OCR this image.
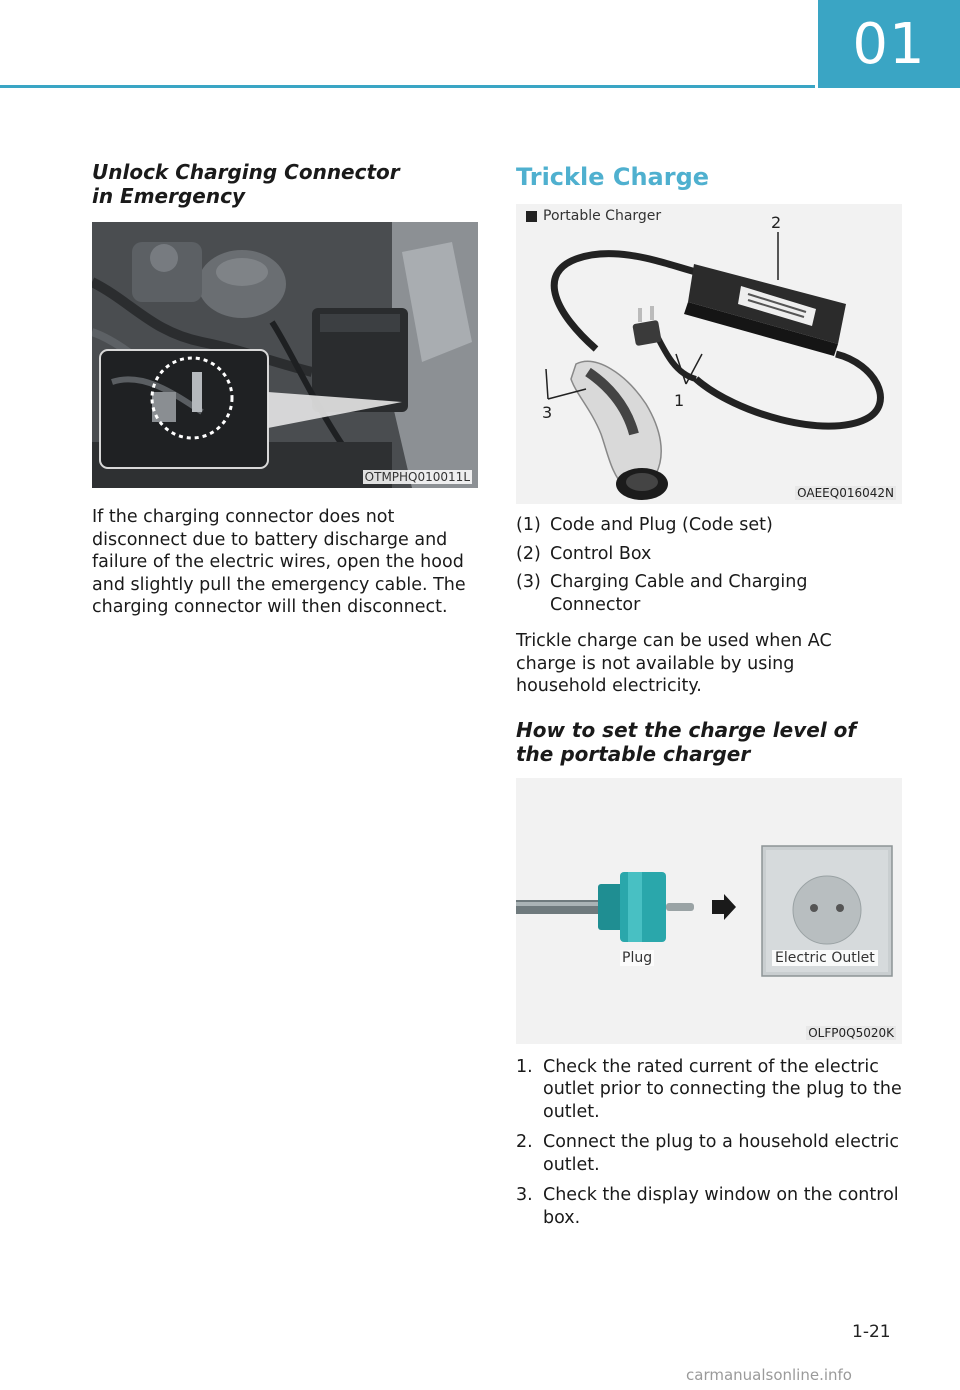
01
Unlock Charging Connector in Emergency
OTMPHQ010011L

If the charging connector does not disconnect due to battery discharge and failure of the electric wires, open the hood and slightly pull the emergency cable. The charging connector will then disconnect.

Trickle Charge
Portable Charger	2
1
3
OAEEQ016042N
(1) Code and Plug (Code set)
(2) Control Box
(3) Charging Cable and Charging Connector

Trickle charge can be used when AC charge is not available by using household electricity.

How to set the charge level of the portable charger
Plug	Electric Outlet
OLFP0Q5020K
1. Check the rated current of the electric outlet prior to connecting the plug to the outlet.
2. Connect the plug to a household electric outlet.
3. Check the display window on the control box.
1-21
carmanualsonline.info
